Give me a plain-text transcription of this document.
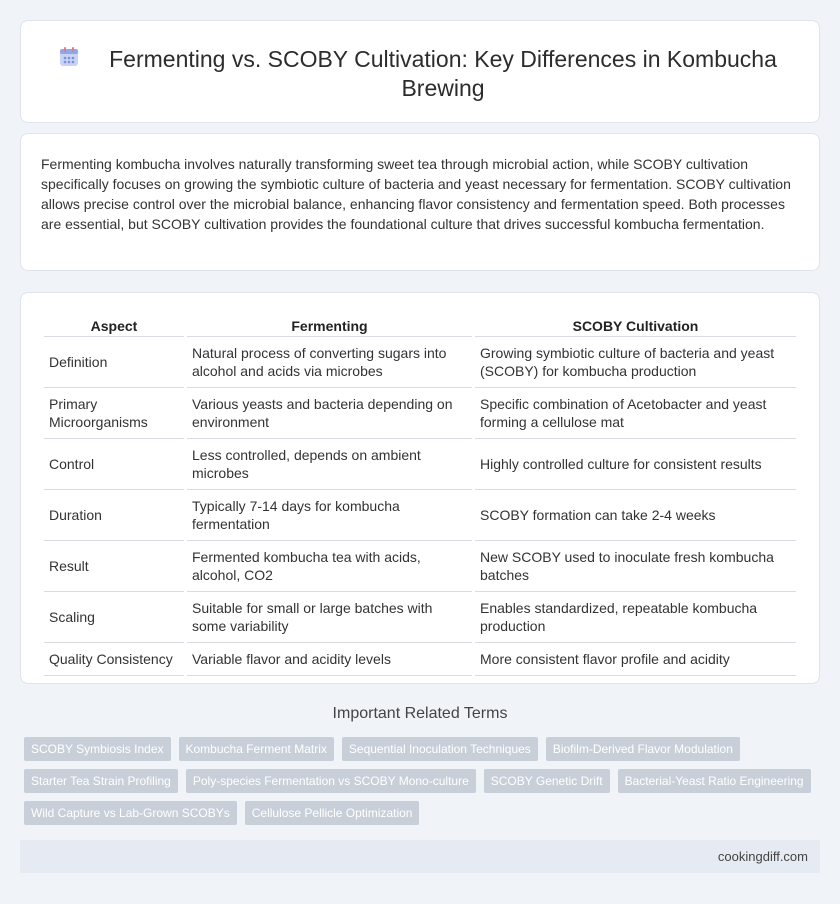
Fermenting vs. SCOBY Cultivation: Key Differences in Kombucha Brewing

Fermenting kombucha involves naturally transforming sweet tea through microbial action, while SCOBY cultivation specifically focuses on growing the symbiotic culture of bacteria and yeast necessary for fermentation. SCOBY cultivation allows precise control over the microbial balance, enhancing flavor consistency and fermentation speed. Both processes are essential, but SCOBY cultivation provides the foundational culture that drives successful kombucha fermentation.

Aspect	Fermenting	SCOBY Cultivation
Definition	Natural process of converting sugars into alcohol and acids via microbes	Growing symbiotic culture of bacteria and yeast (SCOBY) for kombucha production
Primary Microorganisms	Various yeasts and bacteria depending on environment	Specific combination of Acetobacter and yeast forming a cellulose mat
Control	Less controlled, depends on ambient microbes	Highly controlled culture for consistent results
Duration	Typically 7-14 days for kombucha fermentation	SCOBY formation can take 2-4 weeks
Result	Fermented kombucha tea with acids, alcohol, CO2	New SCOBY used to inoculate fresh kombucha batches
Scaling	Suitable for small or large batches with some variability	Enables standardized, repeatable kombucha production
Quality Consistency	Variable flavor and acidity levels	More consistent flavor profile and acidity
Important Related Terms
SCOBY Symbiosis Index	Kombucha Ferment Matrix	Sequential Inoculation Techniques	Biofilm-Derived Flavor Modulation
Starter Tea Strain Profiling	Poly-species Fermentation vs SCOBY Mono-culture	SCOBY Genetic Drift	Bacterial-Yeast Ratio Engineering
Wild Capture vs Lab-Grown SCOBYs	Cellulose Pellicle Optimization
cookingdiff.com
